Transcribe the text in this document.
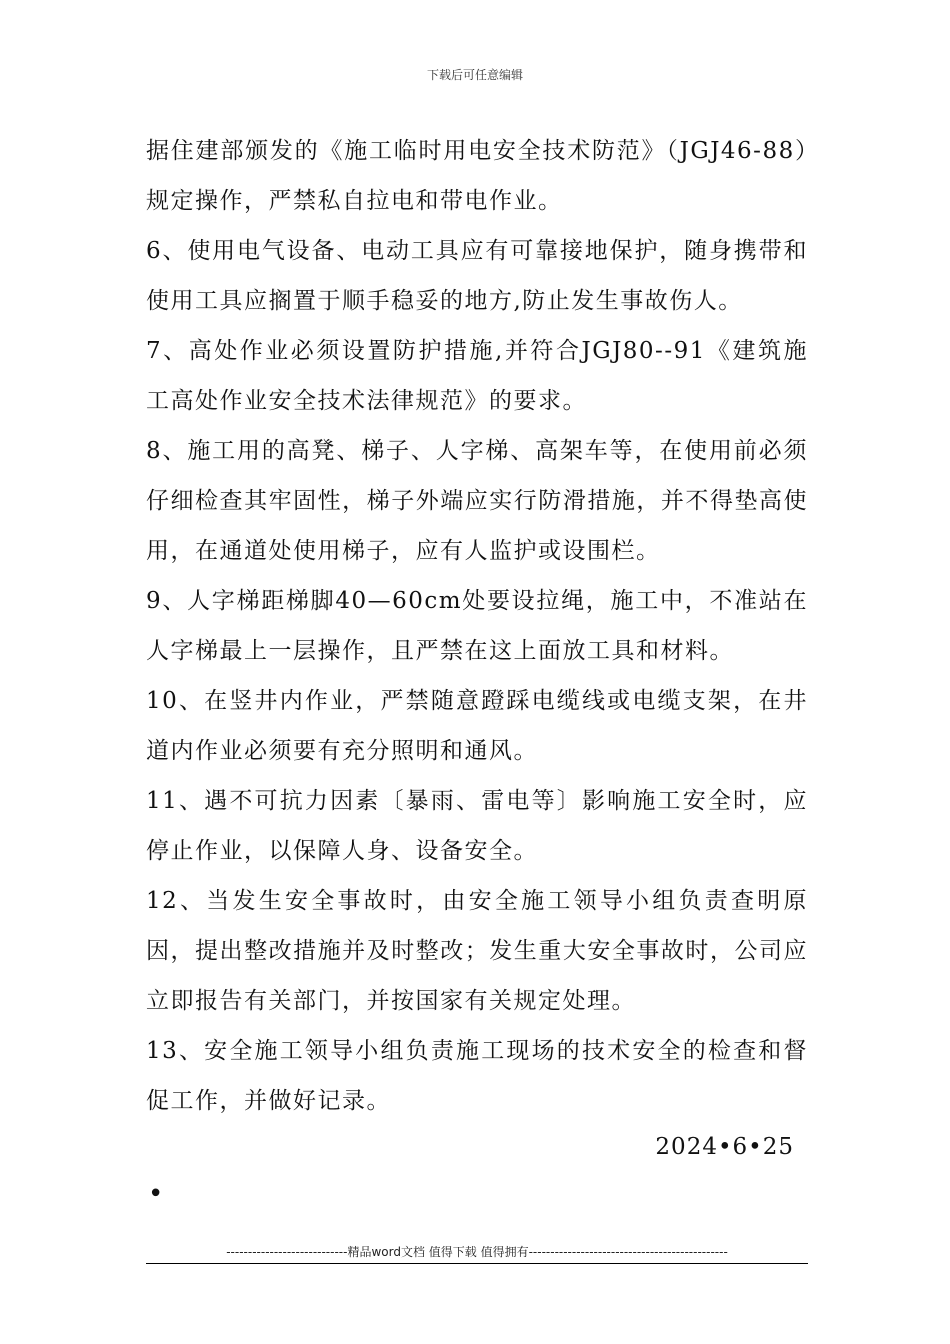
下载后可任意编辑

据住建部颁发的《施工临时用电安全技术防范》（JGJ46-88）规定操作，严禁私自拉电和带电作业。

6、使用电气设备、电动工具应有可靠接地保护，随身携带和使用工具应搁置于顺手稳妥的地方,防止发生事故伤人。

7、高处作业必须设置防护措施,并符合JGJ80--91《建筑施工高处作业安全技术法律规范》的要求。

8、施工用的高凳、梯子、人字梯、高架车等，在使用前必须仔细检查其牢固性，梯子外端应实行防滑措施，并不得垫高使用，在通道处使用梯子，应有人监护或设围栏。

9、人字梯距梯脚40—60cm处要设拉绳，施工中，不准站在人字梯最上一层操作，且严禁在这上面放工具和材料。

10、在竖井内作业，严禁随意蹬踩电缆线或电缆支架，在井道内作业必须要有充分照明和通风。

11、遇不可抗力因素〔暴雨、雷电等〕影响施工安全时，应停止作业，以保障人身、设备安全。

12、当发生安全事故时，由安全施工领导小组负责查明原因，提出整改措施并及时整改；发生重大安全事故时，公司应立即报告有关部门，并按国家有关规定处理。

13、安全施工领导小组负责施工现场的技术安全的检查和督促工作，并做好记录。

2024•6•25
•
----------------------------精品word文档 值得下载 值得拥有----------------------------------------------
